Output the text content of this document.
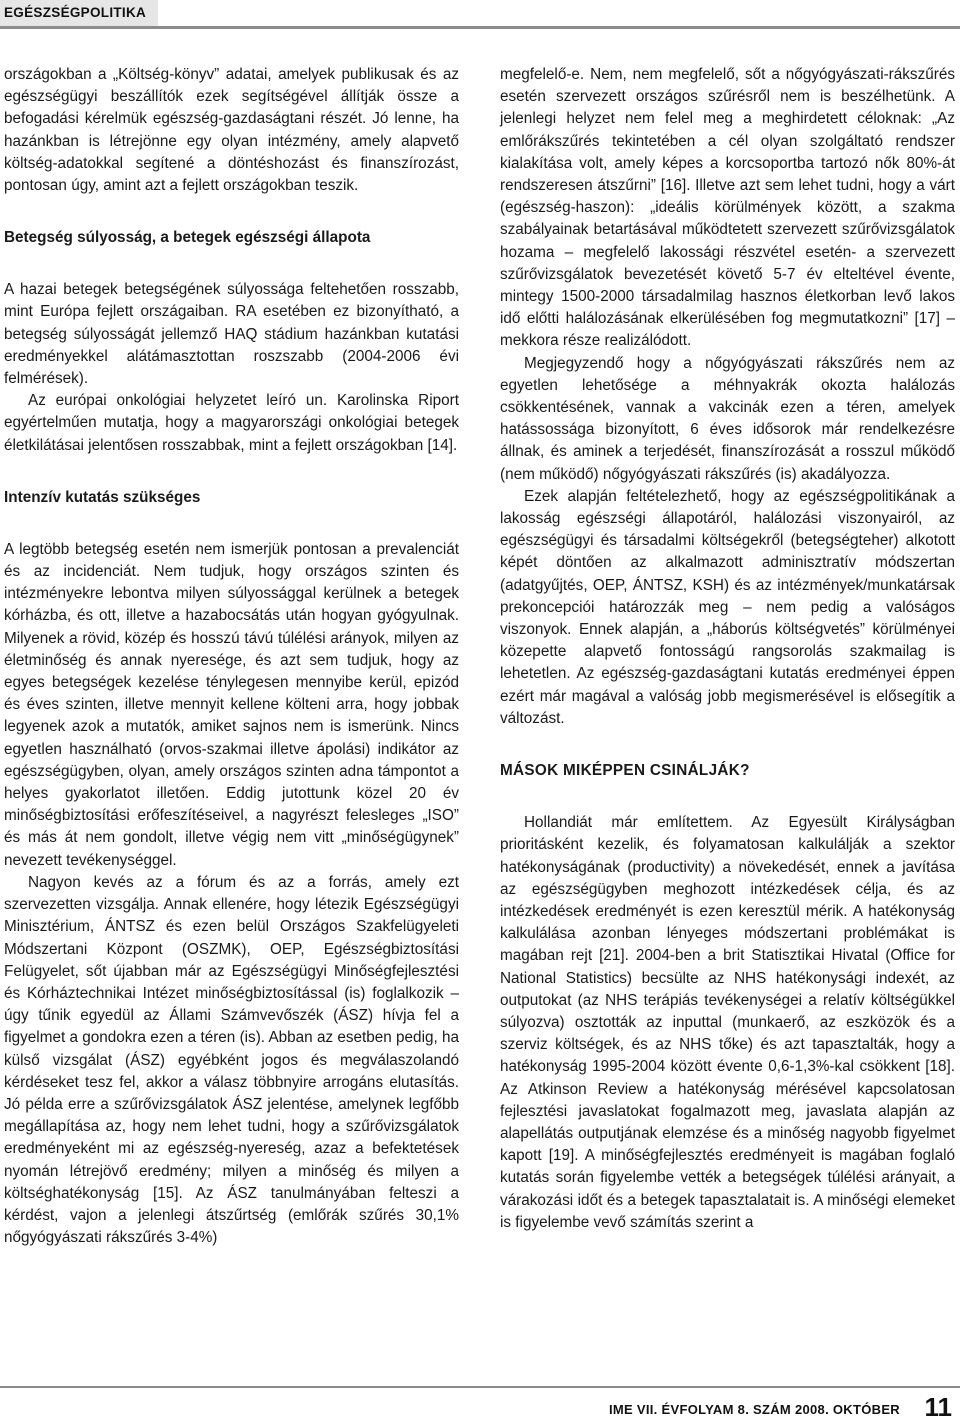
EGÉSZSÉGPOLITIKA

országokban a „Költség-könyv” adatai, amelyek publikusak és az egészségügyi beszállítók ezek segítségével állítják össze a befogadási kérelmük egészség-gazdaságtani részét. Jó lenne, ha hazánkban is létrejönne egy olyan intézmény, amely alapvető költség-adatokkal segítené a döntéshozást és finanszírozást, pontosan úgy, amint azt a fejlett országokban teszik.

Betegség súlyosság, a betegek egészségi állapota

A hazai betegek betegségének súlyossága feltehetően rosszabb, mint Európa fejlett országaiban. RA esetében ez bizonyítható, a betegség súlyosságát jellemző HAQ stádium hazánkban kutatási eredményekkel alátámasztottan roszszabb (2004-2006 évi felmérések).

Az európai onkológiai helyzetet leíró un. Karolinska Riport egyértelműen mutatja, hogy a magyarországi onkológiai betegek életkilátásai jelentősen rosszabbak, mint a fejlett országokban [14].

Intenzív kutatás szükséges

A legtöbb betegség esetén nem ismerjük pontosan a prevalenciát és az incidenciát. Nem tudjuk, hogy országos szinten és intézményekre lebontva milyen súlyossággal kerülnek a betegek kórházba, és ott, illetve a hazabocsátás után hogyan gyógyulnak. Milyenek a rövid, közép és hosszú távú túlélési arányok, milyen az életminőség és annak nyeresége, és azt sem tudjuk, hogy az egyes betegségek kezelése ténylegesen mennyibe kerül, epizód és éves szinten, illetve mennyit kellene költeni arra, hogy jobbak legyenek azok a mutatók, amiket sajnos nem is ismerünk. Nincs egyetlen használható (orvos-szakmai illetve ápolási) indikátor az egészségügyben, olyan, amely országos szinten adna támpontot a helyes gyakorlatot illetően. Eddig jutottunk közel 20 év minőségbiztosítási erőfeszítéseivel, a nagyrészt felesleges „ISO” és más át nem gondolt, illetve végig nem vitt „minőségügynek” nevezett tevékenységgel.

Nagyon kevés az a fórum és az a forrás, amely ezt szervezetten vizsgálja. Annak ellenére, hogy létezik Egészségügyi Minisztérium, ÁNTSZ és ezen belül Országos Szakfelügyeleti Módszertani Központ (OSZMK), OEP, Egészségbiztosítási Felügyelet, sőt újabban már az Egészségügyi Minőségfejlesztési és Kórháztechnikai Intézet minőségbiztosítással (is) foglalkozik – úgy tűnik egyedül az Állami Számvevőszék (ÁSZ) hívja fel a figyelmet a gondokra ezen a téren (is). Abban az esetben pedig, ha külső vizsgálat (ÁSZ) egyébként jogos és megválaszolandó kérdéseket tesz fel, akkor a válasz többnyire arrogáns elutasítás. Jó példa erre a szűrővizsgálatok ÁSZ jelentése, amelynek legfőbb megállapítása az, hogy nem lehet tudni, hogy a szűrővizsgálatok eredményeként mi az egészség-nyereség, azaz a befektetések nyomán létrejövő eredmény; milyen a minőség és milyen a költséghatékonyság [15]. Az ÁSZ tanulmányában felteszi a kérdést, vajon a jelenlegi átszűrtség (emlőrák szűrés 30,1% nőgyógyászati rákszűrés 3-4%)

megfelelő-e. Nem, nem megfelelő, sőt a nőgyógyászati-rákszűrés esetén szervezett országos szűrésről nem is beszélhetünk. A jelenlegi helyzet nem felel meg a meghirdetett céloknak: „Az emlőrákszűrés tekintetében a cél olyan szolgáltató rendszer kialakítása volt, amely képes a korcsoportba tartozó nők 80%-át rendszeresen átszűrni” [16]. Illetve azt sem lehet tudni, hogy a várt (egészség-haszon): „ideális körülmények között, a szakma szabályainak betartásával működtetett szervezett szűrővizsgálatok hozama – megfelelő lakossági részvétel esetén- a szervezett szűrővizsgálatok bevezetését követő 5-7 év elteltével évente, mintegy 1500-2000 társadalmilag hasznos életkorban levő lakos idő előtti halálozásának elkerülésében fog megmutatkozni” [17] – mekkora része realizálódott.

Megjegyzendő hogy a nőgyógyászati rákszűrés nem az egyetlen lehetősége a méhnyakrák okozta halálozás csökkentésének, vannak a vakcinák ezen a téren, amelyek hatássossága bizonyított, 6 éves idősorok már rendelkezésre állnak, és aminek a terjedését, finanszírozását a rosszul működő (nem működő) nőgyógyászati rákszűrés (is) akadályozza.

Ezek alapján feltételezhető, hogy az egészségpolitikának a lakosság egészségi állapotáról, halálozási viszonyairól, az egészségügyi és társadalmi költségekről (betegségteher) alkotott képét döntően az alkalmazott adminisztratív módszertan (adatgyűjtés, OEP, ÁNTSZ, KSH) és az intézmények/munkatársak prekoncepciói határozzák meg – nem pedig a valóságos viszonyok. Ennek alapján, a „háborús költségvetés” körülményei közepette alapvető fontosságú rangsorolás szakmailag is lehetetlen. Az egészség-gazdaságtani kutatás eredményei éppen ezért már magával a valóság jobb megismerésével is elősegítik a változást.

MÁSOK MIKÉPPEN CSINÁLJÁK?

Hollandiát már említettem. Az Egyesült Királyságban prioritásként kezelik, és folyamatosan kalkulálják a szektor hatékonyságának (productivity) a növekedését, ennek a javítása az egészségügyben meghozott intézkedések célja, és az intézkedések eredményét is ezen keresztül mérik. A hatékonyság kalkulálása azonban lényeges módszertani problémákat is magában rejt [21]. 2004-ben a brit Statisztikai Hivatal (Office for National Statistics) becsülte az NHS hatékonysági indexét, az outputokat (az NHS terápiás tevékenységei a relatív költségükkel súlyozva) osztották az inputtal (munkaerő, az eszközök és a szerviz költségek, és az NHS tőke) és azt tapasztalták, hogy a hatékonyság 1995-2004 között évente 0,6-1,3%-kal csökkent [18]. Az Atkinson Review a hatékonyság mérésével kapcsolatosan fejlesztési javaslatokat fogalmazott meg, javaslata alapján az alapellátás outputjának elemzése és a minőség nagyobb figyelmet kapott [19]. A minőségfejlesztés eredményeit is magában foglaló kutatás során figyelembe vették a betegségek túlélési arányait, a várakozási időt és a betegek tapasztalatait is. A minőségi elemeket is figyelembe vevő számítás szerint a

IME VII. ÉVFOLYAM 8. SZÁM 2008. OKTÓBER 11
